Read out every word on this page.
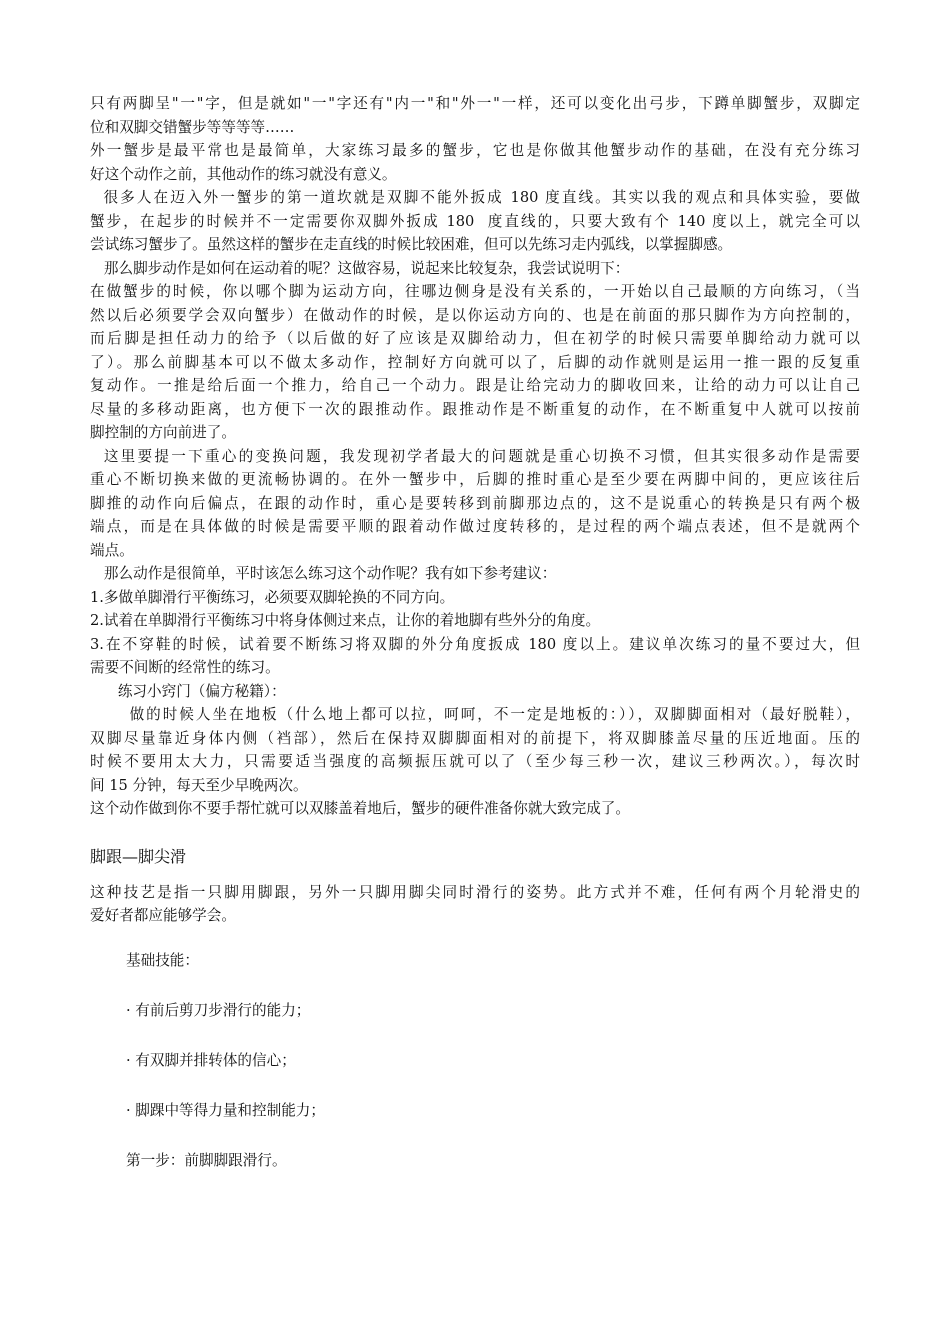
只有两脚呈"一"字，但是就如"一"字还有"内一"和"外一"一样，还可以变化出弓步，下蹲单脚蟹步，双脚定

位和双脚交错蟹步等等等等……

外一蟹步是最平常也是最简单，大家练习最多的蟹步，它也是你做其他蟹步动作的基础，在没有充分练习

好这个动作之前，其他动作的练习就没有意义。

很多人在迈入外一蟹步的第一道坎就是双脚不能外扳成 180 度直线。其实以我的观点和具体实验，要做

蟹步，在起步的时候并不一定需要你双脚外扳成 180  度直线的，只要大致有个 140 度以上，就完全可以

尝试练习蟹步了。虽然这样的蟹步在走直线的时候比较困难，但可以先练习走内弧线，以掌握脚感。

那么脚步动作是如何在运动着的呢？这做容易，说起来比较复杂，我尝试说明下：

在做蟹步的时候，你以哪个脚为运动方向，往哪边侧身是没有关系的，一开始以自己最顺的方向练习，（当

然以后必须要学会双向蟹步）在做动作的时候，是以你运动方向的、也是在前面的那只脚作为方向控制的，

而后脚是担任动力的给予（以后做的好了应该是双脚给动力，但在初学的时候只需要单脚给动力就可以

了）。那么前脚基本可以不做太多动作，控制好方向就可以了，后脚的动作就则是运用一推一跟的反复重

复动作。一推是给后面一个推力，给自己一个动力。跟是让给完动力的脚收回来，让给的动力可以让自己

尽量的多移动距离，也方便下一次的跟推动作。跟推动作是不断重复的动作，在不断重复中人就可以按前

脚控制的方向前进了。

这里要提一下重心的变换问题，我发现初学者最大的问题就是重心切换不习惯，但其实很多动作是需要

重心不断切换来做的更流畅协调的。在外一蟹步中，后脚的推时重心是至少要在两脚中间的，更应该往后

脚推的动作向后偏点，在跟的动作时，重心是要转移到前脚那边点的，这不是说重心的转换是只有两个极

端点，而是在具体做的时候是需要平顺的跟着动作做过度转移的，是过程的两个端点表述，但不是就两个

端点。

那么动作是很简单，平时该怎么练习这个动作呢？我有如下参考建议：

1.多做单脚滑行平衡练习，必须要双脚轮换的不同方向。

2.试着在单脚滑行平衡练习中将身体侧过来点，让你的着地脚有些外分的角度。

3.在不穿鞋的时候，试着要不断练习将双脚的外分角度扳成 180 度以上。建议单次练习的量不要过大，但

需要不间断的经常性的练习。

练习小窍门（偏方秘籍）：

做的时候人坐在地板（什么地上都可以拉，呵呵，不一定是地板的：）），双脚脚面相对（最好脱鞋），

双脚尽量靠近身体内侧（裆部），然后在保持双脚脚面相对的前提下，将双脚膝盖尽量的压近地面。压的

时候不要用太大力，只需要适当强度的高频振压就可以了（至少每三秒一次，建议三秒两次。），每次时

间 15 分钟，每天至少早晚两次。

这个动作做到你不要手帮忙就可以双膝盖着地后，蟹步的硬件准备你就大致完成了。

脚跟—脚尖滑

这种技艺是指一只脚用脚跟，另外一只脚用脚尖同时滑行的姿势。此方式并不难，任何有两个月轮滑史的

爱好者都应能够学会。

基础技能：

· 有前后剪刀步滑行的能力；

· 有双脚并排转体的信心；

· 脚踝中等得力量和控制能力；

第一步：前脚脚跟滑行。
